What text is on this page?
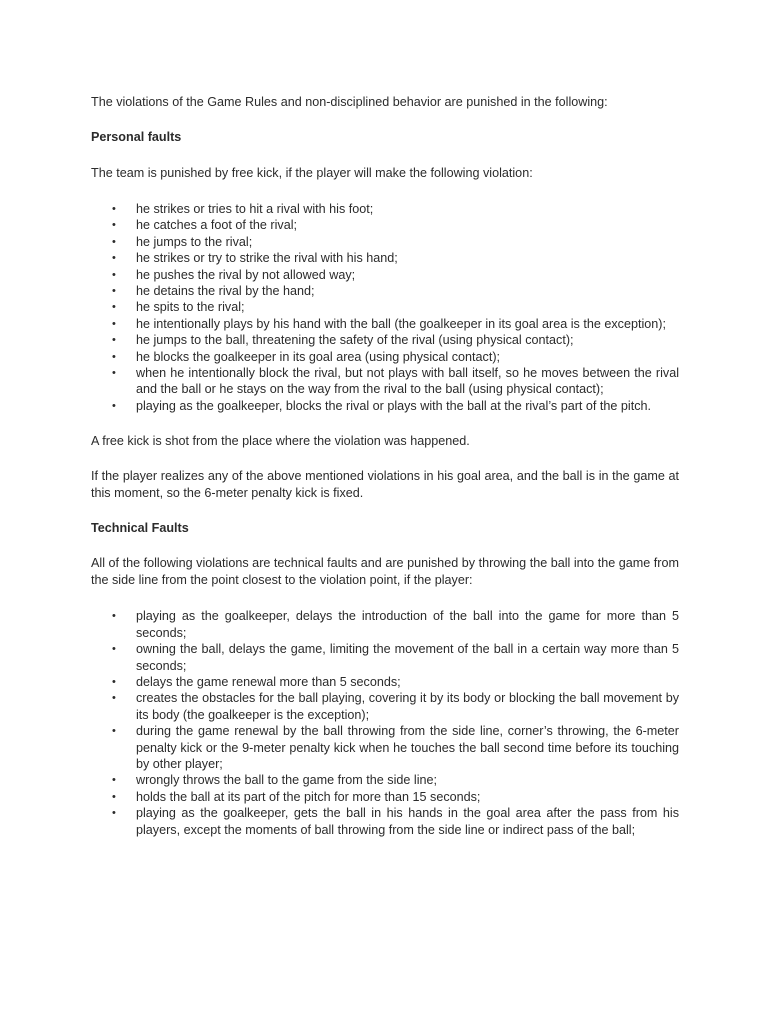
The violations of the Game Rules and non-disciplined behavior are punished in the following:

Personal faults

The team is punished by free kick, if the player will make the following violation:

• he strikes or tries to hit a rival with his foot;
• he catches a foot of the rival;
• he jumps to the rival;
• he strikes or try to strike the rival with his hand;
• he pushes the rival by not allowed way;
• he detains the rival by the hand;
• he spits to the rival;
• he intentionally plays by his hand with the ball (the goalkeeper in its goal area is the exception);
• he jumps to the ball, threatening the safety of the rival (using physical contact);
• he blocks the goalkeeper in its goal area (using physical contact);
• when he intentionally block the rival, but not plays with ball itself, so he moves between the rival and the ball or he stays on the way from the rival to the ball (using physical contact);
• playing as the goalkeeper, blocks the rival or plays with the ball at the rival’s part of the pitch.

A free kick is shot from the place where the violation was happened.

If the player realizes any of the above mentioned violations in his goal area, and the ball is in the game at this moment, so the 6-meter penalty kick is fixed.

Technical Faults

All of the following violations are technical faults and are punished by throwing the ball into the game from the side line from the point closest to the violation point, if the player:

• playing as the goalkeeper, delays the introduction of the ball into the game for more than 5 seconds;
• owning the ball, delays the game, limiting the movement of the ball in a certain way more than 5 seconds;
• delays the game renewal more than 5 seconds;
• creates the obstacles for the ball playing, covering it by its body or blocking the ball movement by its body (the goalkeeper is the exception);
• during the game renewal by the ball throwing from the side line, corner’s throwing, the 6-meter penalty kick or the 9-meter penalty kick when he touches the ball second time before its touching by other player;
• wrongly throws the ball to the game from the side line;
• holds the ball at its part of the pitch for more than 15 seconds;
• playing as the goalkeeper, gets the ball in his hands in the goal area after the pass from his players, except the moments of ball throwing from the side line or indirect pass of the ball;
